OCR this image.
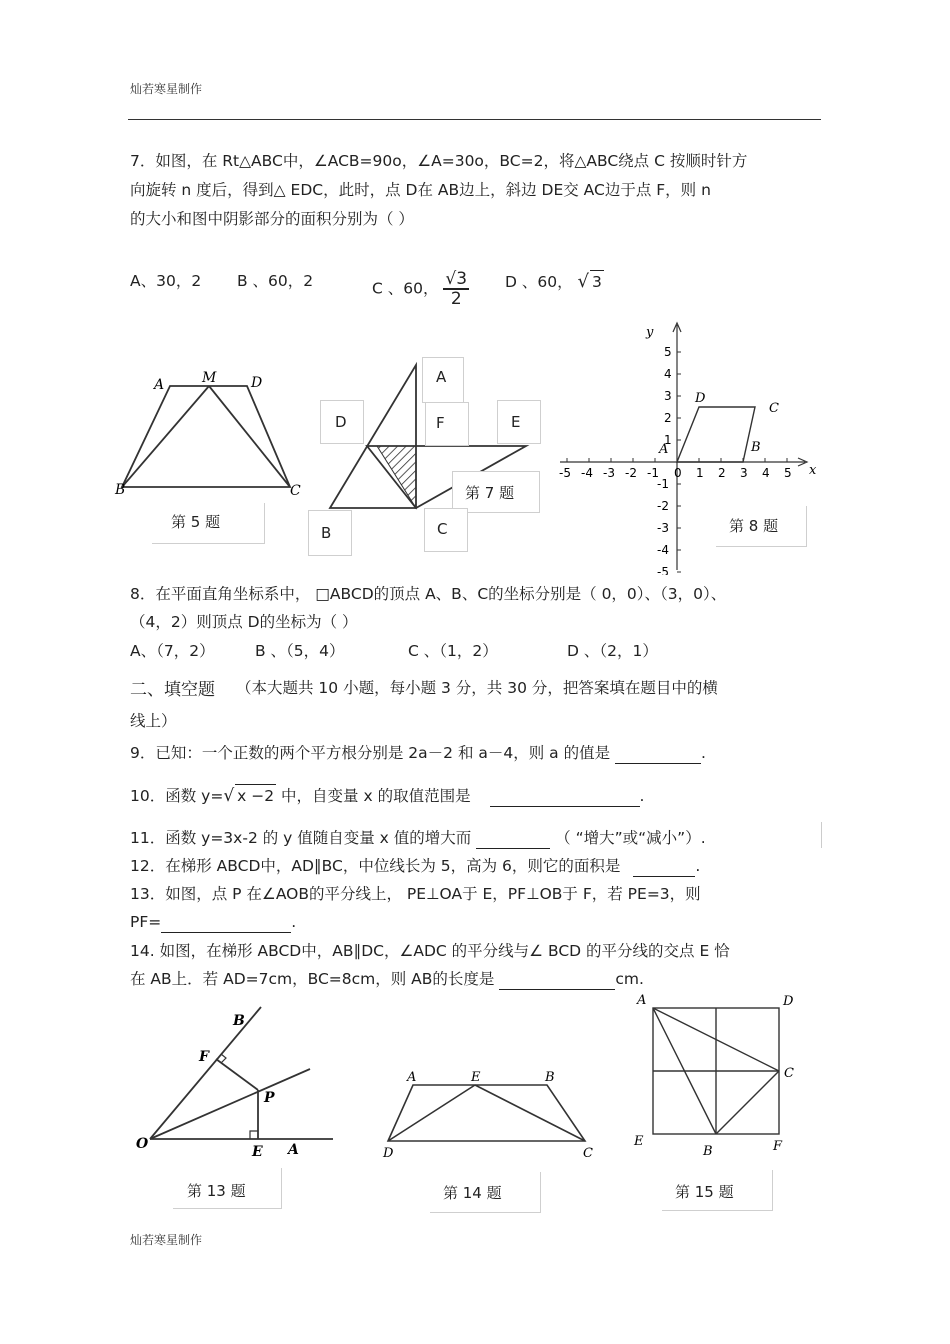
灿若寒星制作
7．如图，在 Rt△ABC中，∠ACB=90o，∠A=30o，BC=2，将△ABC绕点 C 按顺时针方
向旋转 n 度后，得到△ EDC，此时，点 D在 AB边上，斜边 DE交 AC边于点 F，则 n
的大小和图中阴影部分的面积分别为（ ）
A、30，2 B 、60，2	C 、60， $\frac{√3}{2}$ D 、60， √ 3
A	M D
B	C
第 5 题
A
D	F	E
第 7 题
B	C
-5 -4 -3 -2 -1 0 1 2 3 4 5
5
4
3
2
1
-1
-2
-3
-4
-5
x
y
A	B
C
D
第 8 题
8．在平面直角坐标系中， □ABCD的顶点 A、B、C的坐标分别是（ 0，0）、（3，0）、
（4，2）则顶点 D的坐标为（ ）
A、（7，2）	B 、（5，4）	C 、（1，2）	D 、（2，1）
二、填空题 （本大题共 10 小题，每小题 3 分，共 30 分，把答案填在题目中的横
线上）
9．已知：一个正数的两个平方根分别是 2a－2 和 a－4，则 a 的值是	.
10．函数 y=√ x −2 中，自变量 x 的取值范围是	.
11．函数 y=3x-2 的 y 值随自变量 x 值的增大而	（ “增大”或“减小”）.
12．在梯形 ABCD中，AD∥BC，中位线长为 5，高为 6，则它的面积是	.
13．如图，点 P 在∠AOB的平分线上， PE⊥OA于 E，PF⊥OB于 F，若 PE=3，则
PF=	.
14. 如图，在梯形 ABCD中，AB∥DC，∠ADC 的平分线与∠ BCD 的平分线的交点 E 恰
在 AB上．若 AD=7cm，BC=8cm，则 AB的长度是	cm.
B
F
P
O	E A
第 13 题
A	E	B
D	C
第 14 题
A	D
C
E
B	F
第 15 题
灿若寒星制作
